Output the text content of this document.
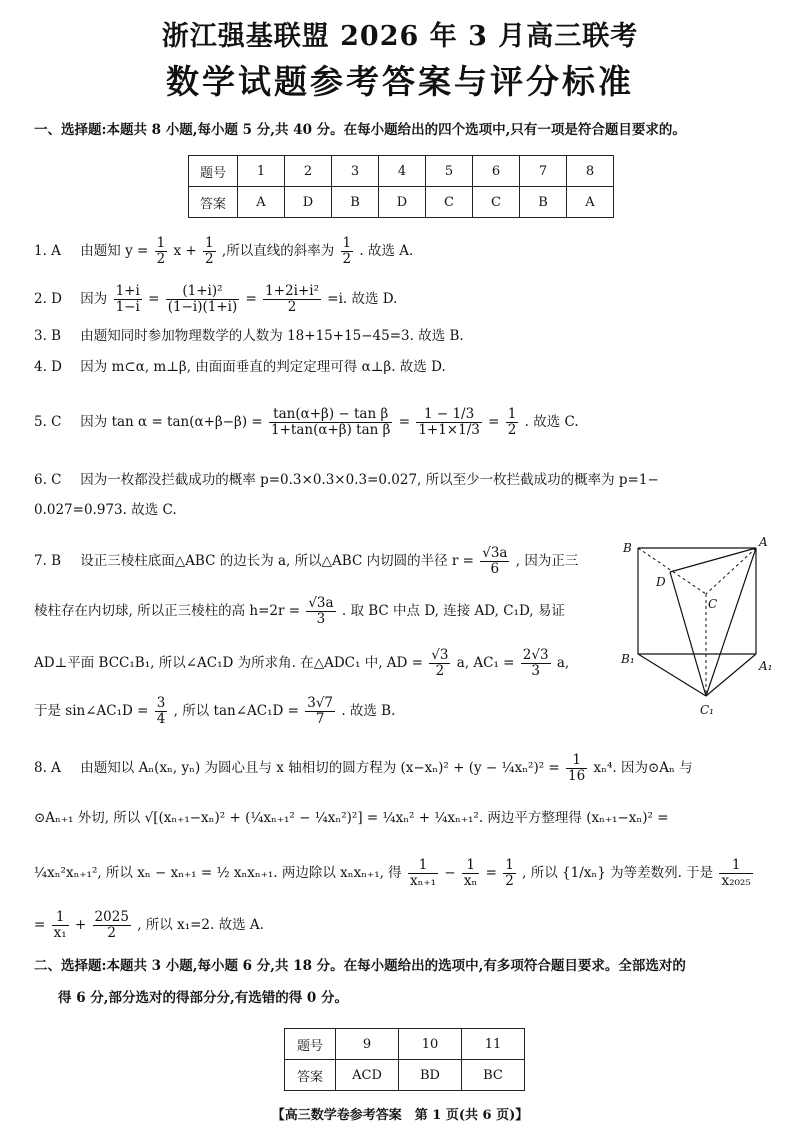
浙江强基联盟 2026 年 3 月高三联考
数学试题参考答案与评分标准
一、选择题:本题共 8 小题,每小题 5 分,共 40 分。在每小题给出的四个选项中,只有一项是符合题目要求的。
题号	1	2	3	4	5	6	7	8
答案	A	D	B	D	C	C	B	A
1. A 由题知 $y = \frac{1}{2}$ $x + \frac{1}{2}$ ,所以直线的斜率为 $\frac{1}{2}$ . 故选 A.
2. D 因为 $\frac{1+i}{1-i} = \frac{\text{(1+i)²}}{(1-i)(1+i)} = \frac{\text{1+2i+i²}}{2} =i$. 故选 D.
3. B 由题知同时参加物理数学的人数为 18+15+15−45=3. 故选 B.
4. D 因为 m⊂α, m⊥β, 由面面垂直的判定定理可得 α⊥β. 故选 D.
5. C 因为 $\tan \alpha = \tan(\alpha+\beta-\beta) = \frac{\text{tan(α+β) − tan β}}{\text{1+tan(α+β) tan β}} = \frac{1 - 1/3}{1+1\times 1/3} = \frac{1}{2}$ . 故选 C.
6. C 因为一枚都没拦截成功的概率 p=0.3×0.3×0.3=0.027, 所以至少一枚拦截成功的概率为 p=1−
0.027=0.973. 故选 C.
7. B 设正三棱柱底面△ABC 的边长为 a, 所以△ABC 内切圆的半径 $r = \frac{√3a}{6}$ , 因为正三
棱柱存在内切球, 所以正三棱柱的高 $h=2r = \frac{√3a}{3}$ . 取 BC 中点 D, 连接 AD, C₁D, 易证
AD⊥平面 BCC₁B₁, 所以∠AC₁D 为所求角. 在△ADC₁ 中, AD = $\frac{√3}{2} a$, $AC_1 = \frac{2√3}{3} a$,
于是 sin∠AC₁D = $\frac{3}{4}$ , 所以 tan∠AC₁D = $\frac{3√7}{7}$ . 故选 B.
B	A
D
C
B₁	A₁
C₁
8. A 由题知以 Aₙ(xₙ, yₙ) 为圆心且与 x 轴相切的圆方程为 (x−xₙ)² + (y − ¼xₙ²)² = $\frac{1}{16} x_n^4$. 因为⊙Aₙ 与
⊙Aₙ₊₁ 外切, 所以 √[(xₙ₊₁−xₙ)² + (¼xₙ₊₁² − ¼xₙ²)²] = ¼xₙ² + ¼xₙ₊₁². 两边平方整理得 (xₙ₊₁−xₙ)² =
¼xₙ²xₙ₊₁², 所以 xₙ − xₙ₊₁ = ½ xₙxₙ₊₁. 两边除以 xₙxₙ₊₁, 得 $\frac{1}{\text{xₙ₊₁}} - \frac{1}{\text{xₙ}} = \frac{1}{2}$ , 所以 {1/xₙ} 为等差数列. 于是 $\frac{1}{\text{x₂₀₂₅}}$
= $\frac{1}{\text{x₁}} + \frac{2025}{2}$ , 所以 x₁=2. 故选 A.
二、选择题:本题共 3 小题,每小题 6 分,共 18 分。在每小题给出的选项中,有多项符合题目要求。全部选对的
得 6 分,部分选对的得部分分,有选错的得 0 分。
题号	9	10	11
答案	ACD	BD	BC
【高三数学卷参考答案　第 1 页(共 6 页)】
